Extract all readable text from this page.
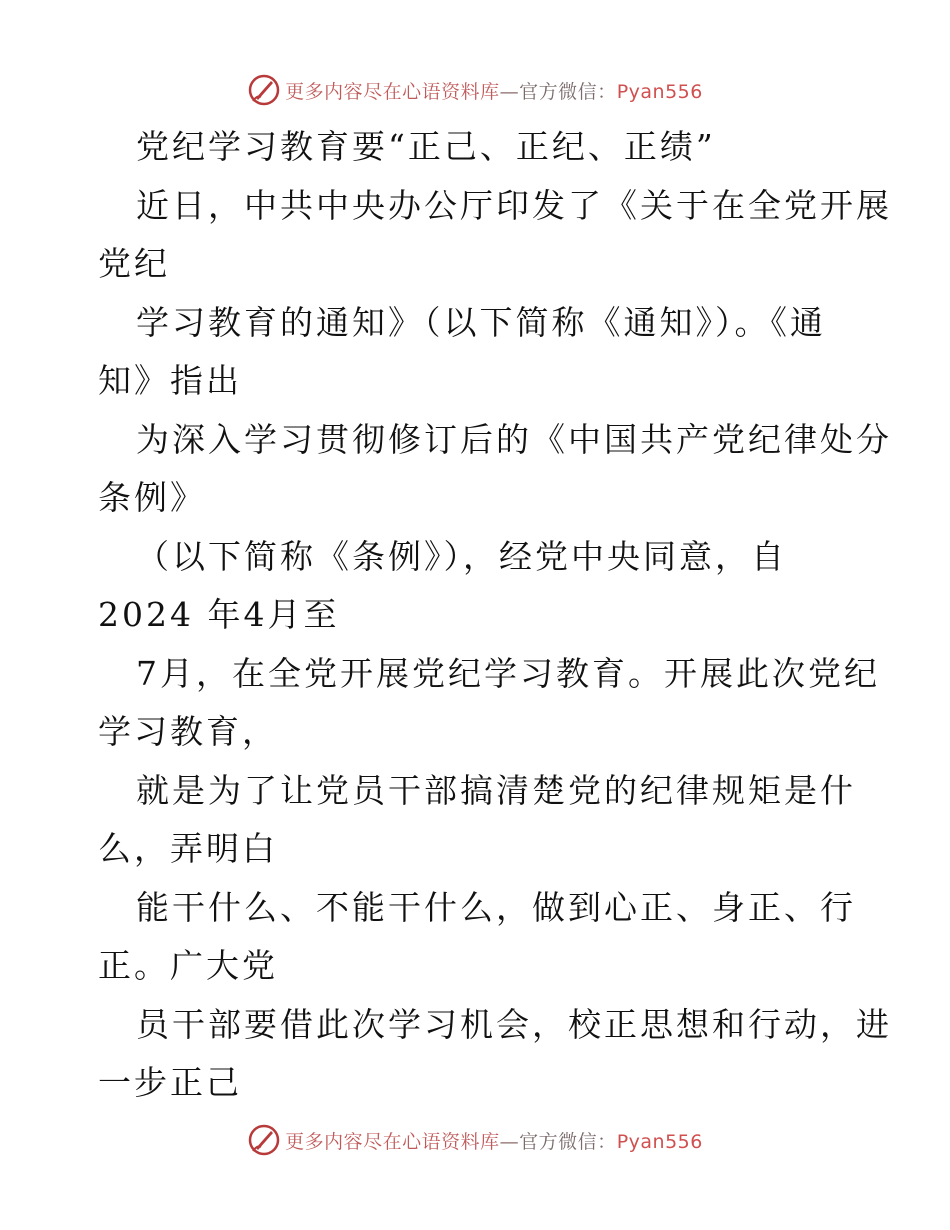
更多内容尽在心语资料库—官方微信：Pyan556
党纪学习教育要“正己、正纪、正绩”
近日，中共中央办公厅印发了《关于在全党开展
党纪
学习教育的通知》（以下简称《通知》）。《通
知》指出
为深入学习贯彻修订后的《中国共产党纪律处分
条例》
（以下简称《条例》），经党中央同意，自
2024 年4月至
7月，在全党开展党纪学习教育。开展此次党纪
学习教育，
就是为了让党员干部搞清楚党的纪律规矩是什
么，弄明白
能干什么、不能干什么，做到心正、身正、行
正。广大党
员干部要借此次学习机会，校正思想和行动，进
一步正己
更多内容尽在心语资料库—官方微信：Pyan556
